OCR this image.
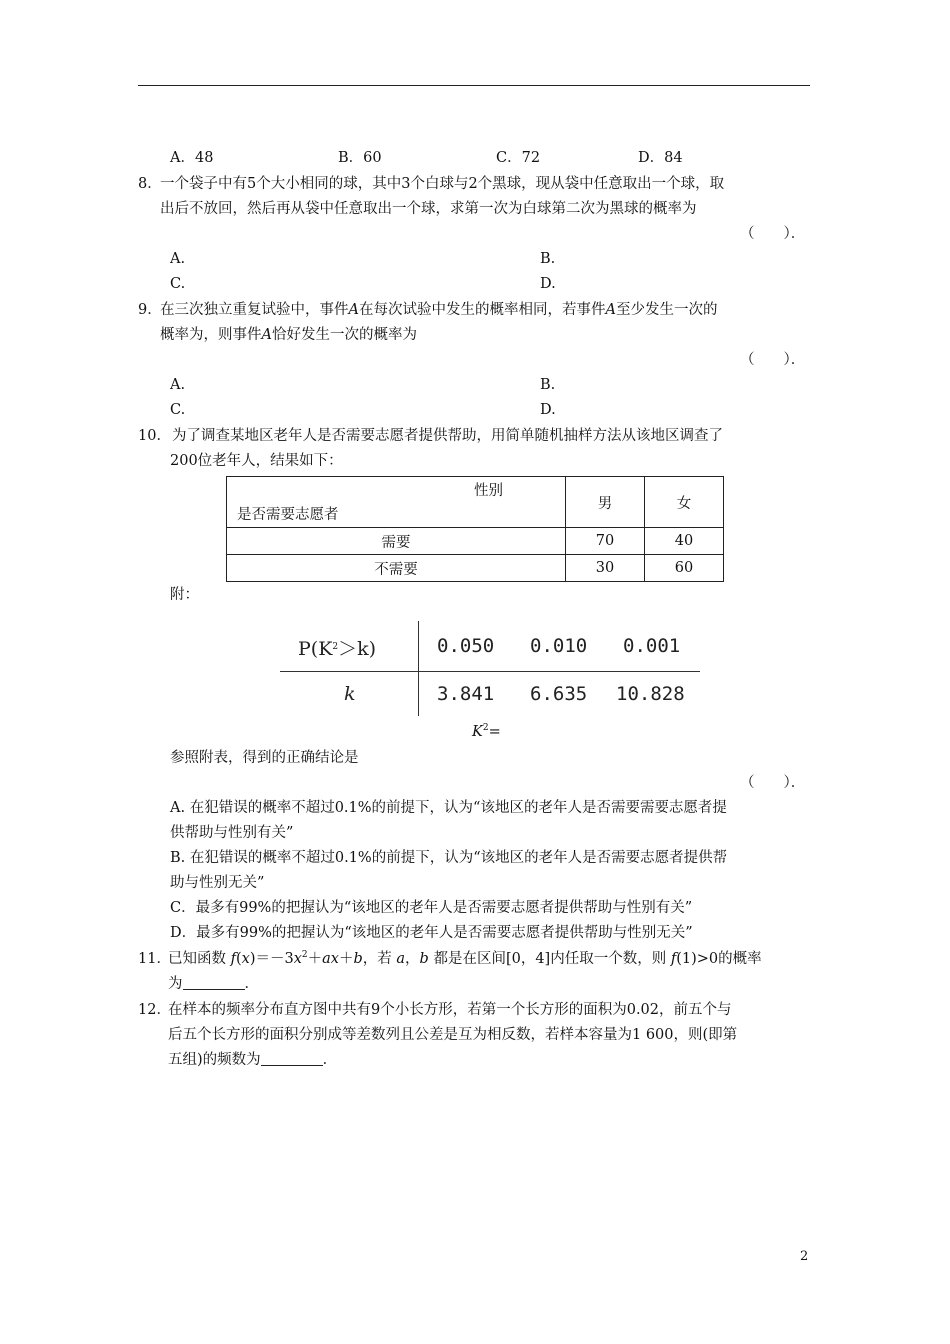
A．48	B．60	C．72	D．84
8．
一个袋子中有5个大小相同的球，其中3个白球与2个黑球，现从袋中任意取出一个球，取
出后不放回，然后再从袋中任意取出一个球，求第一次为白球第二次为黑球的概率为
（　　）．
A.	B.
C.	D.
9．
在三次独立重复试验中，事件A在每次试验中发生的概率相同，若事件A至少发生一次的
概率为，则事件A恰好发生一次的概率为
（　　）．
A.	B.
C.	D.
10． 为了调查某地区老年人是否需要志愿者提供帮助，用简单随机抽样方法从该地区调查了
200位老年人，结果如下：
性别
是否需要志愿者	男	女
需要	70	40
不需要	30	60
附：
$P(K^2>k)$	0.050 0.010 0.001
k	3.841 6.635 10.828
$K^2=$
参照附表，得到的正确结论是
（　　）．
A. 在犯错误的概率不超过0.1%的前提下，认为“该地区的老年人是否需要需要志愿者提
供帮助与性别有关”
B. 在犯错误的概率不超过0.1%的前提下，认为“该地区的老年人是否需要志愿者提供帮
助与性别无关”
C．最多有99%的把握认为“该地区的老年人是否需要志愿者提供帮助与性别有关”
D．最多有99%的把握认为“该地区的老年人是否需要志愿者提供帮助与性别无关”
11．
已知函数 $f(x)=-3x^2+ax+b$，若 a，b 都是在区间[0，4]内任取一个数，则 f(1)>0的概率
为	．
12．
在样本的频率分布直方图中共有9个小长方形，若第一个长方形的面积为0.02，前五个与
后五个长方形的面积分别成等差数列且公差是互为相反数，若样本容量为1 600，则(即第
五组)的频数为	．
2
